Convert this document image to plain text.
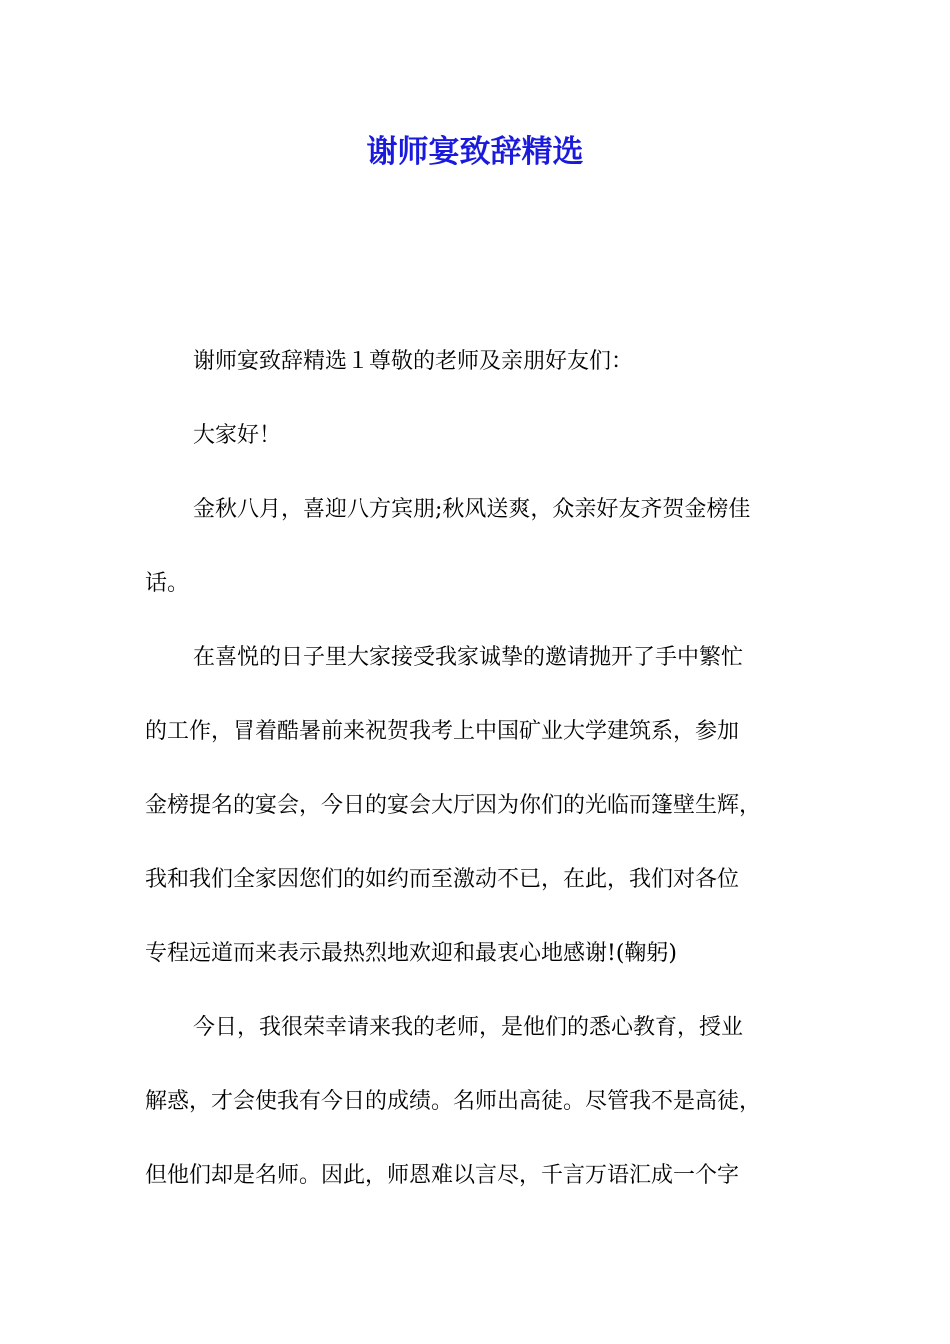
谢师宴致辞精选
谢师宴致辞精选１尊敬的老师及亲朋好友们：
大家好！
金秋八月，喜迎八方宾朋;秋风送爽，众亲好友齐贺金榜佳
话。
在喜悦的日子里大家接受我家诚挚的邀请抛开了手中繁忙
的工作，冒着酷暑前来祝贺我考上中国矿业大学建筑系，参加
金榜提名的宴会，今日的宴会大厅因为你们的光临而篷壁生辉，
我和我们全家因您们的如约而至激动不已，在此，我们对各位
专程远道而来表示最热烈地欢迎和最衷心地感谢!(鞠躬)
今日，我很荣幸请来我的老师，是他们的悉心教育，授业
解惑，才会使我有今日的成绩。名师出高徒。尽管我不是高徒，
但他们却是名师。因此，师恩难以言尽，千言万语汇成一个字
